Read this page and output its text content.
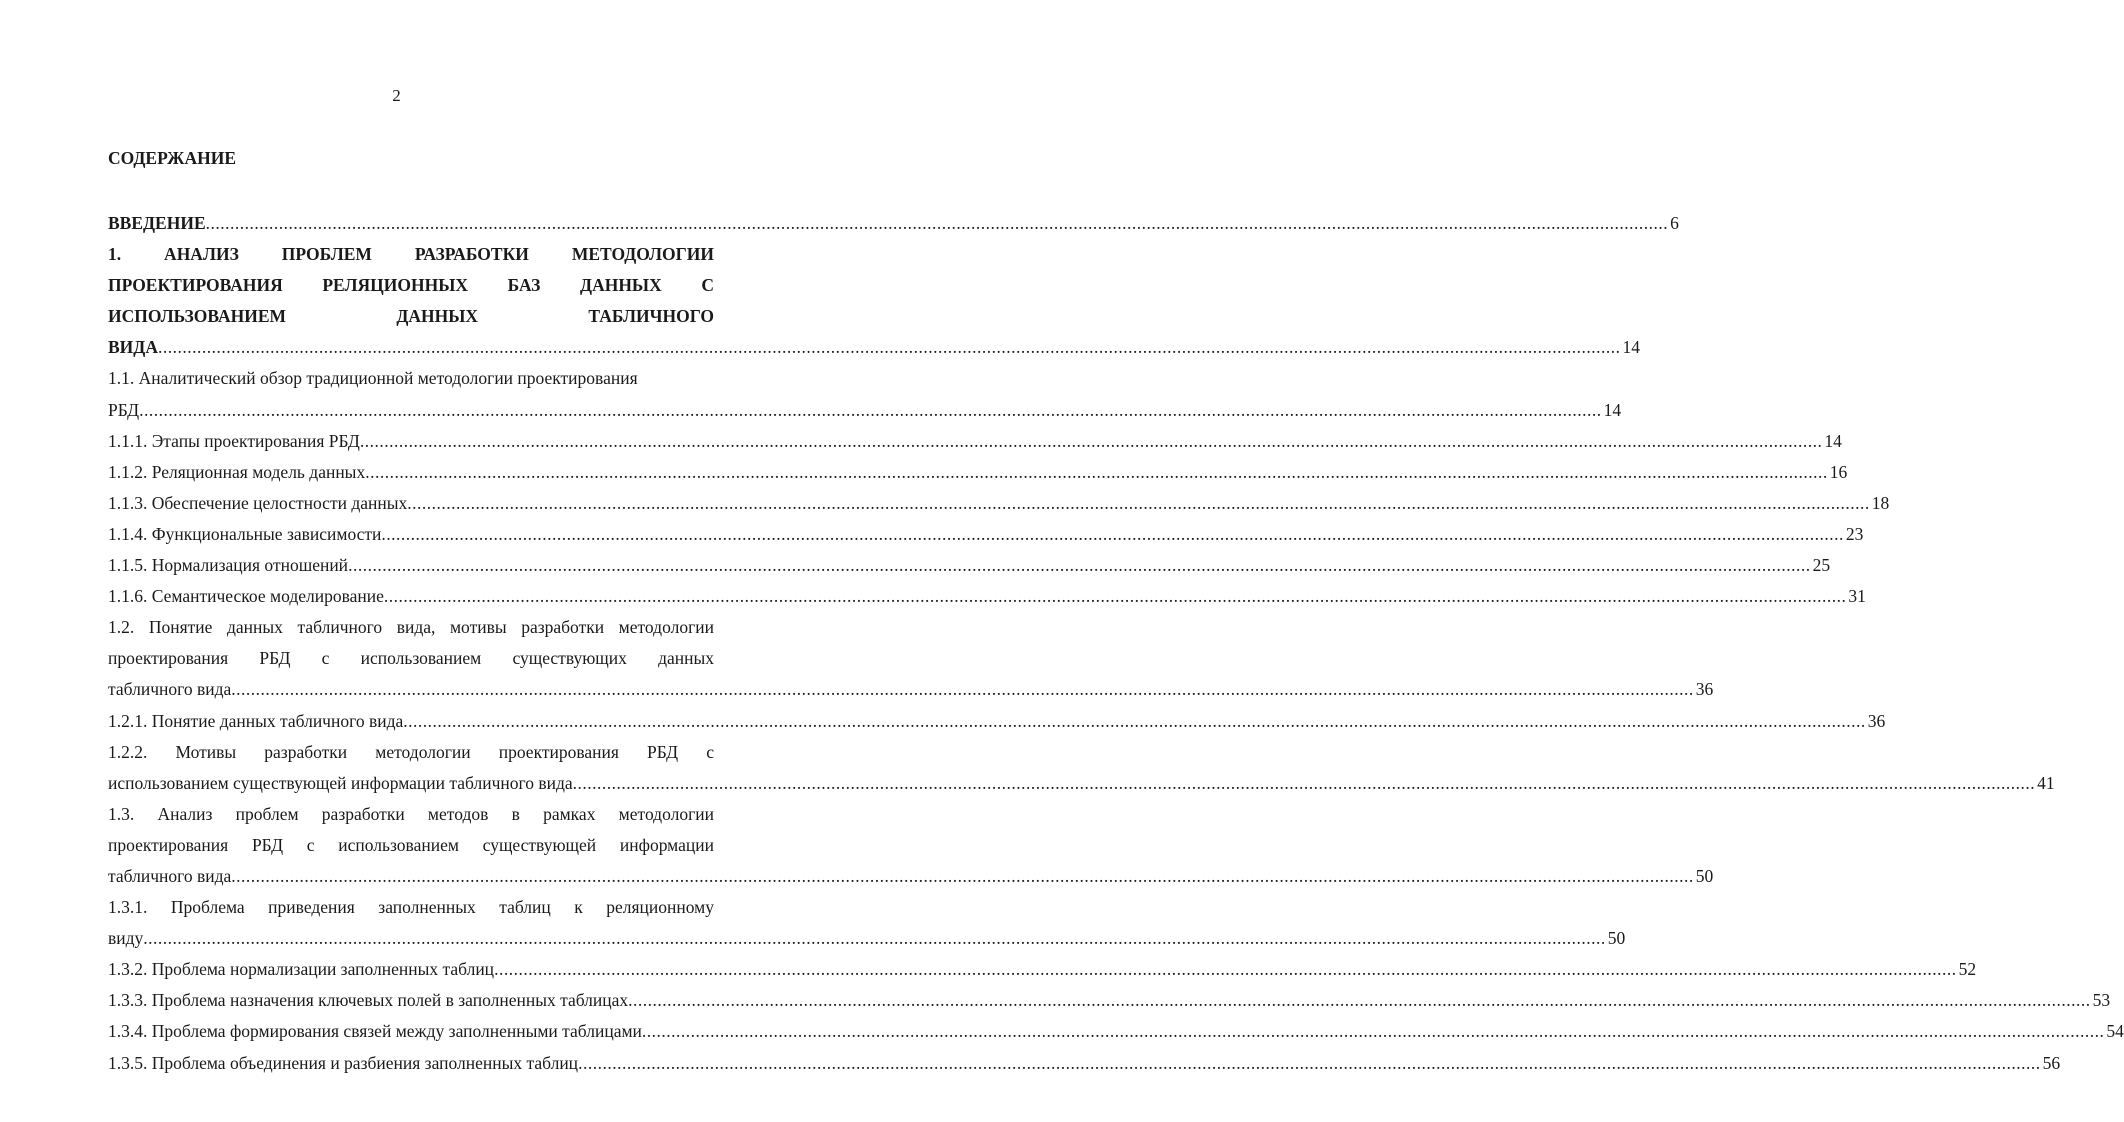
2
СОДЕРЖАНИЕ
ВВЕДЕНИЕ ............................................................................................................................................................................................................................................................................................................ 6
1. АНАЛИЗ ПРОБЛЕМ РАЗРАБОТКИ МЕТОДОЛОГИИ
ПРОЕКТИРОВАНИЯ РЕЛЯЦИОННЫХ БАЗ ДАННЫХ С
ИСПОЛЬЗОВАНИЕМ ДАННЫХ ТАБЛИЧНОГО
ВИДА ............................................................................................................................................................................................................................................................................................................ 14
1.1. Аналитический обзор традиционной методологии проектирования
РБД ............................................................................................................................................................................................................................................................................................................ 14
1.1.1. Этапы проектирования РБД ............................................................................................................................................................................................................................................................................................................ 14
1.1.2. Реляционная модель данных ............................................................................................................................................................................................................................................................................................................ 16
1.1.3. Обеспечение целостности данных ............................................................................................................................................................................................................................................................................................................ 18
1.1.4. Функциональные зависимости ............................................................................................................................................................................................................................................................................................................ 23
1.1.5. Нормализация отношений ............................................................................................................................................................................................................................................................................................................ 25
1.1.6. Семантическое моделирование ............................................................................................................................................................................................................................................................................................................ 31
1.2. Понятие данных табличного вида, мотивы разработки методологии
проектирования РБД с использованием существующих данных
табличного вида ............................................................................................................................................................................................................................................................................................................ 36
1.2.1. Понятие данных табличного вида ............................................................................................................................................................................................................................................................................................................ 36
1.2.2. Мотивы разработки методологии проектирования РБД с
использованием существующей информации табличного вида ............................................................................................................................................................................................................................................................................................................ 41
1.3. Анализ проблем разработки методов в рамках методологии
проектирования РБД с использованием существующей информации
табличного вида ............................................................................................................................................................................................................................................................................................................ 50
1.3.1. Проблема приведения заполненных таблиц к реляционному
виду ............................................................................................................................................................................................................................................................................................................ 50
1.3.2. Проблема нормализации заполненных таблиц ............................................................................................................................................................................................................................................................................................................ 52
1.3.3. Проблема назначения ключевых полей в заполненных таблицах ............................................................................................................................................................................................................................................................................................................ 53
1.3.4. Проблема формирования связей между заполненными таблицами ............................................................................................................................................................................................................................................................................................................ 54
1.3.5. Проблема объединения и разбиения заполненных таблиц ............................................................................................................................................................................................................................................................................................................ 56
